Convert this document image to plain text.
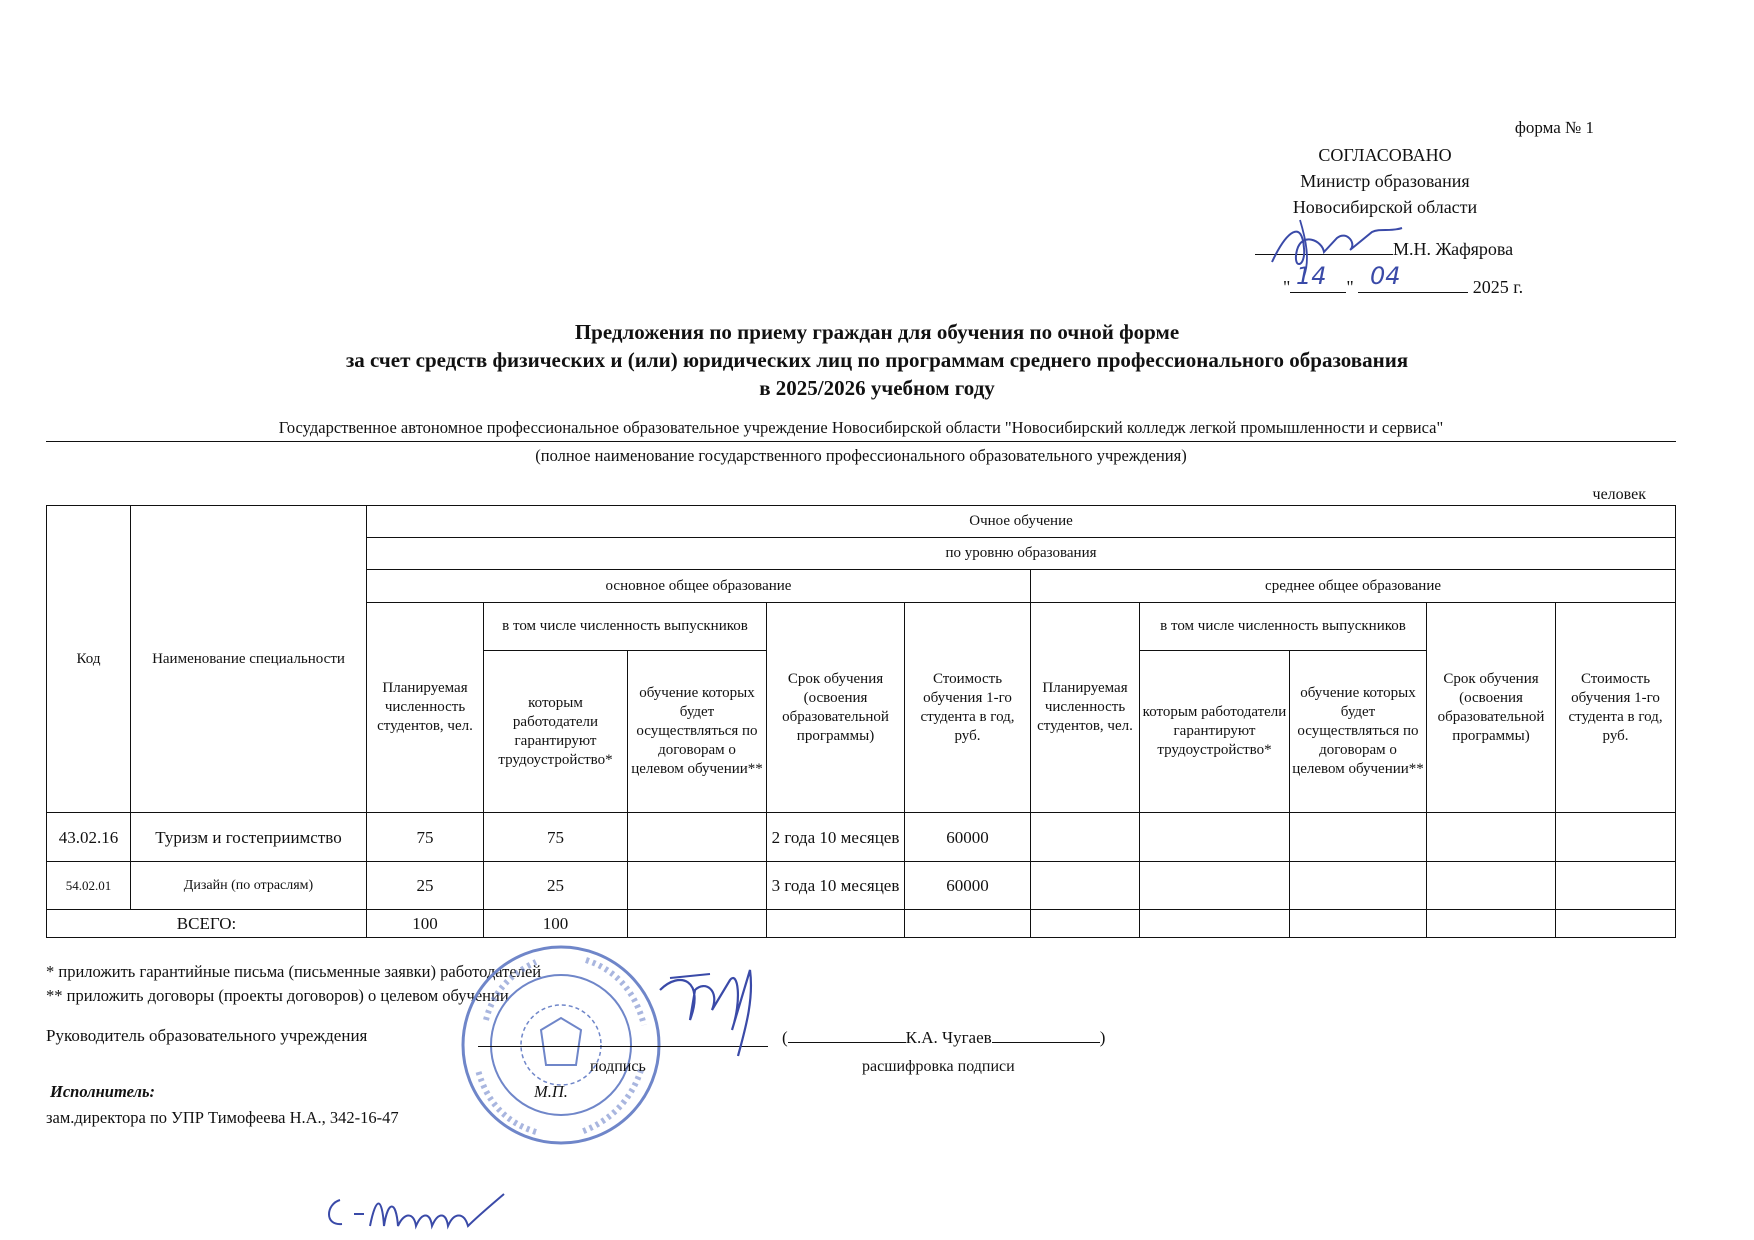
форма № 1
СОГЛАСОВАНО
Министр образования
Новосибирской области
М.Н. Жафярова
"	"	2025 г.
14 04
Предложения по приему граждан для обучения по очной форме
за счет средств физических и (или) юридических лиц по программам среднего профессионального образования
в 2025/2026 учебном году
Государственное автономное профессиональное образовательное учреждение Новосибирской области "Новосибирский колледж легкой промышленности и сервиса"
(полное наименование государственного профессионального образовательного учреждения)
человек
Код	Наименование специальности	Очное обучение									
		по уровню образования									
		основное общее образование					среднее общее образование				
		Планируемая численность студентов, чел.	в том числе численность выпускников		Срок обучения (освоения образовательной программы)	Стоимость обучения 1-го студента в год, руб.	Планируемая численность студентов, чел.	в том числе численность выпускников		Срок обучения (освоения образовательной программы)	Стоимость обучения 1-го студента в год, руб.
			которым работодатели гарантируют трудоустройство*	обучение которых будет осуществляться по договорам о целевом обучении**				которым работодатели гарантируют трудоустройство*	обучение которых будет осуществляться по договорам о целевом обучении**		

43.02.16	Туризм и гостеприимство	75	75		2 года 10 месяцев	60000					
54.02.01	Дизайн (по отраслям)	25	25		3 года 10 месяцев	60000					
ВСЕГО:		100	100								
* приложить гарантийные письма (письменные заявки) работодателей
** приложить договоры (проекты договоров) о целевом обучении
Руководитель образовательного учреждения	(	К.А. Чугаев	)
подпись	расшифровка подписи
Исполнитель:	М.П.
зам.директора по УПР Тимофеева Н.А., 342-16-47
